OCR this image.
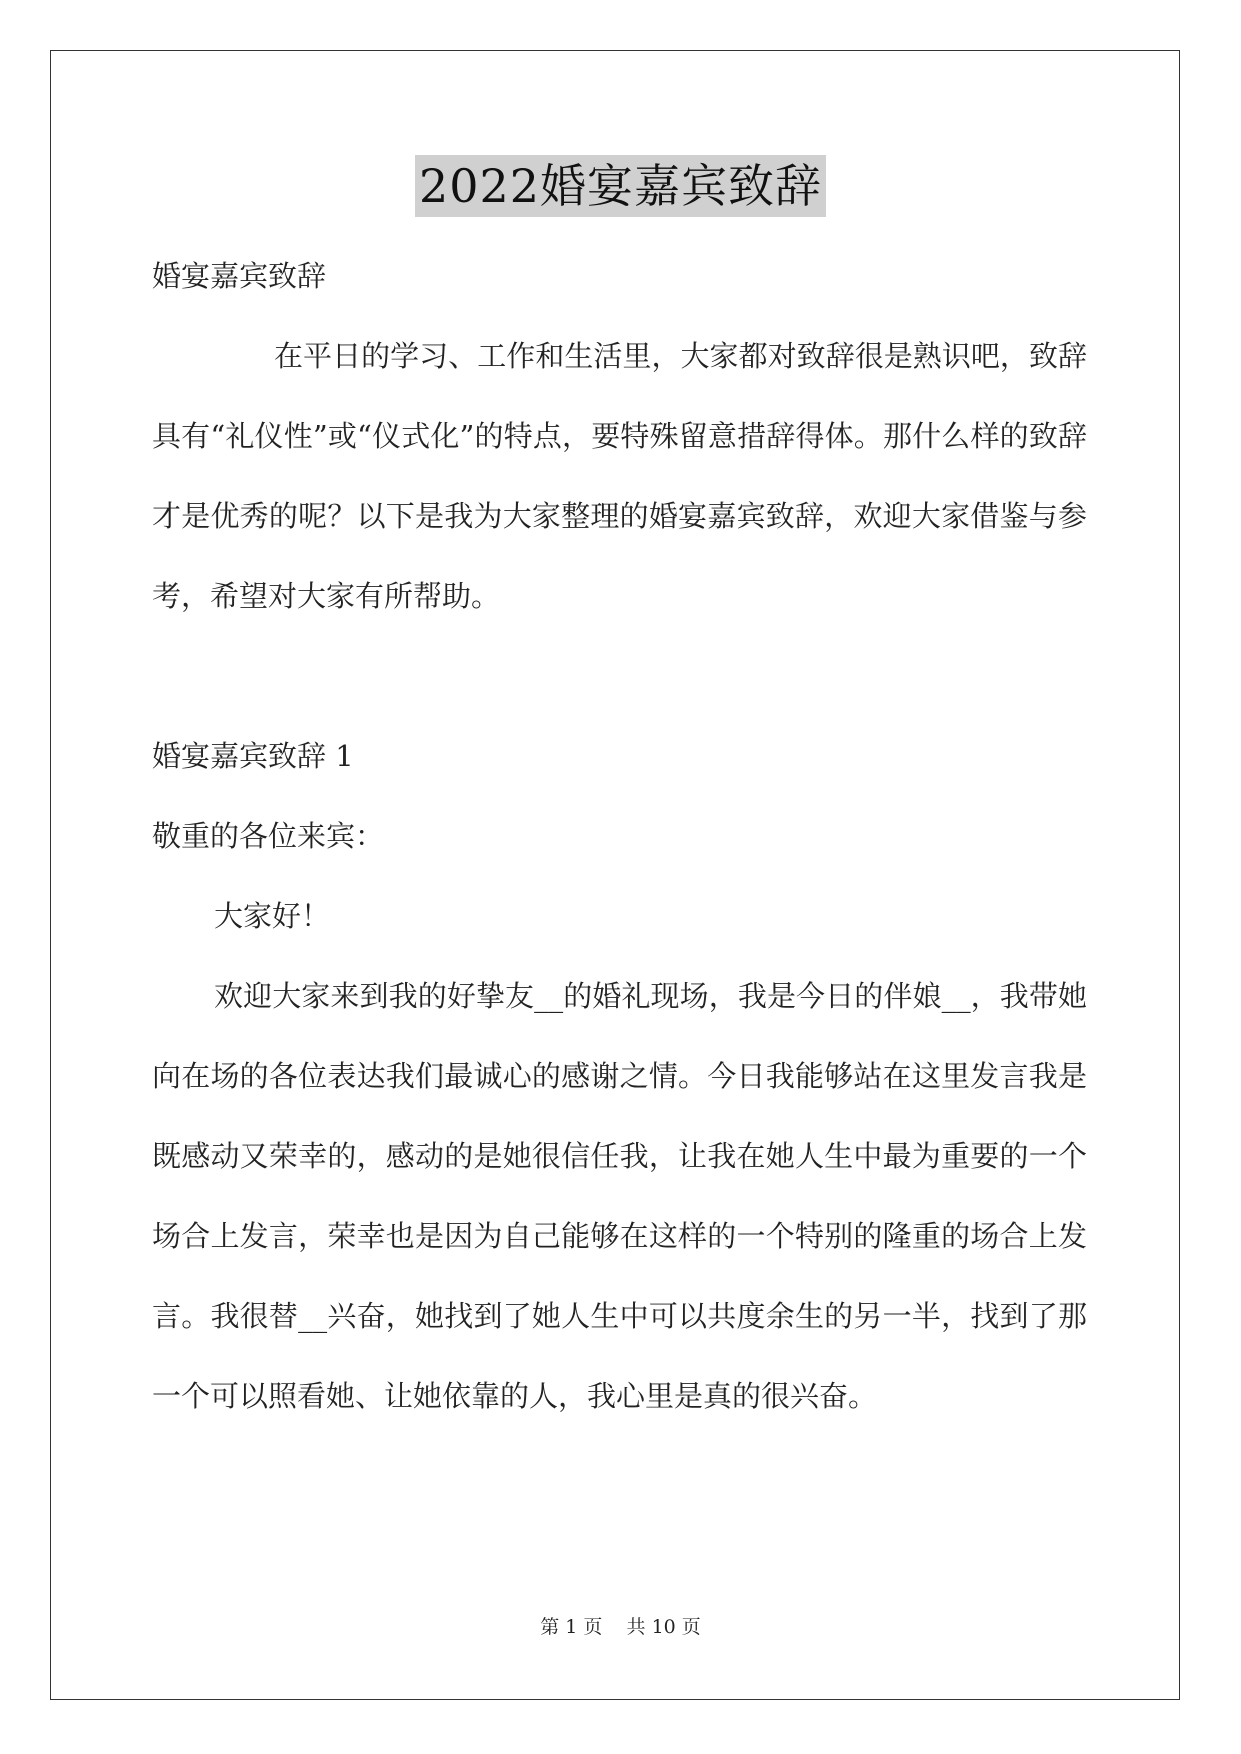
2022婚宴嘉宾致辞

婚宴嘉宾致辞

在平日的学习、工作和生活里，大家都对致辞很是熟识吧，致辞具有“礼仪性”或“仪式化”的特点，要特殊留意措辞得体。那什么样的致辞才是优秀的呢？以下是我为大家整理的婚宴嘉宾致辞，欢迎大家借鉴与参考，希望对大家有所帮助。

婚宴嘉宾致辞 1

敬重的各位来宾：

大家好！

欢迎大家来到我的好挚友__的婚礼现场，我是今日的伴娘__，我带她向在场的各位表达我们最诚心的感谢之情。今日我能够站在这里发言我是既感动又荣幸的，感动的是她很信任我，让我在她人生中最为重要的一个场合上发言，荣幸也是因为自己能够在这样的一个特别的隆重的场合上发言。我很替__兴奋，她找到了她人生中可以共度余生的另一半，找到了那一个可以照看她、让她依靠的人，我心里是真的很兴奋。

第 1 页 共 10 页
